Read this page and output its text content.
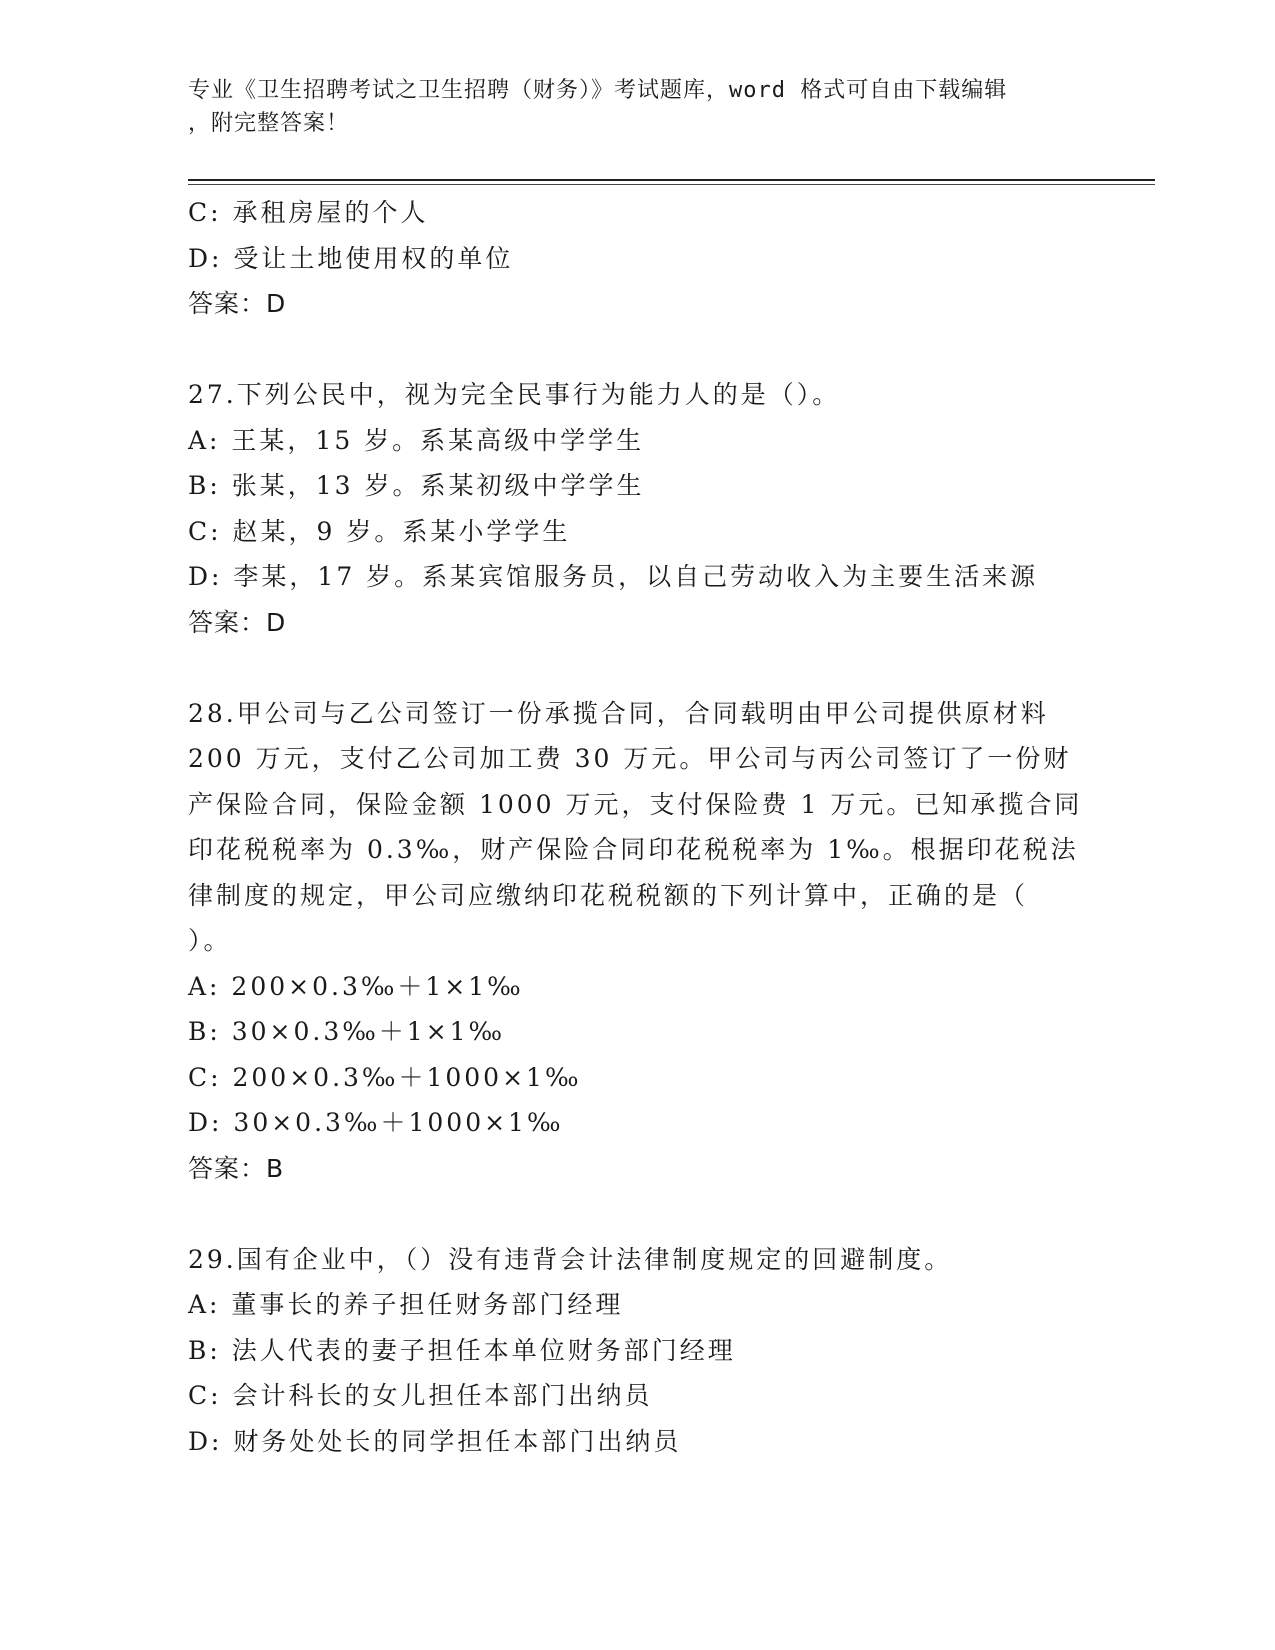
专业《卫生招聘考试之卫生招聘（财务）》考试题库，word 格式可自由下载编辑
，附完整答案！
C: 承租房屋的个人
D: 受让土地使用权的单位
答案：D
27.下列公民中，视为完全民事行为能力人的是（）。
A: 王某，15 岁。系某高级中学学生
B: 张某，13 岁。系某初级中学学生
C: 赵某，9 岁。系某小学学生
D: 李某，17 岁。系某宾馆服务员，以自己劳动收入为主要生活来源
答案：D
28.甲公司与乙公司签订一份承揽合同，合同载明由甲公司提供原材料
200 万元，支付乙公司加工费 30 万元。甲公司与丙公司签订了一份财
产保险合同，保险金额 1000 万元，支付保险费 1 万元。已知承揽合同
印花税税率为 0.3‰，财产保险合同印花税税率为 1‰。根据印花税法
律制度的规定，甲公司应缴纳印花税税额的下列计算中，正确的是（
）。
A: 200×0.3‰＋1×1‰
B: 30×0.3‰＋1×1‰
C: 200×0.3‰＋1000×1‰
D: 30×0.3‰＋1000×1‰
答案：B
29.国有企业中，（）没有违背会计法律制度规定的回避制度。
A: 董事长的养子担任财务部门经理
B: 法人代表的妻子担任本单位财务部门经理
C: 会计科长的女儿担任本部门出纳员
D: 财务处处长的同学担任本部门出纳员
